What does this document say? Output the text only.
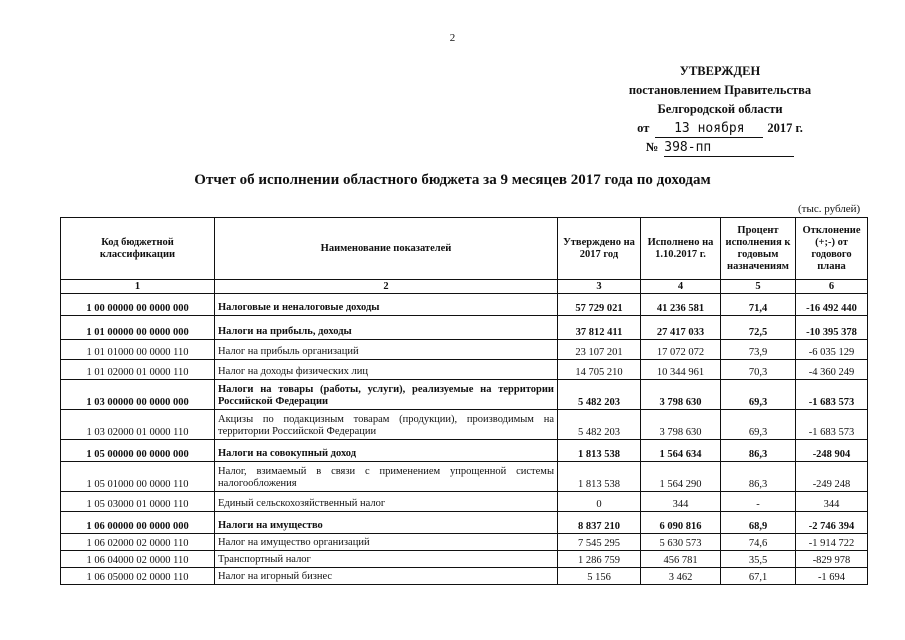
2
УТВЕРЖДЕН
постановлением Правительства
Белгородской области
от	13 ноября	2017 г.
№ 398-пп
Отчет об исполнении областного бюджета за 9 месяцев 2017 года по доходам
(тыс. рублей)
Код бюджетной классификации	Наименование показателей	Утверждено на 2017 год	Исполнено на 1.10.2017 г.	Процент исполнения к годовым назначениям	Отклонение (+;-) от годового плана
1	2	3	4	5	6
1 00 00000 00 0000 000	Налоговые и неналоговые доходы	57 729 021	41 236 581	71,4	-16 492 440
1 01 00000 00 0000 000	Налоги на прибыль, доходы	37 812 411	27 417 033	72,5	-10 395 378
1 01 01000 00 0000 110	Налог на прибыль организаций	23 107 201	17 072 072	73,9	-6 035 129
1 01 02000 01 0000 110	Налог на доходы физических лиц	14 705 210	10 344 961	70,3	-4 360 249
1 03 00000 00 0000 000	Налоги на товары (работы, услуги), реализуемые на территории Российской Федерации	5 482 203	3 798 630	69,3	-1 683 573
1 03 02000 01 0000 110	Акцизы по подакцизным товарам (продукции), производимым на территории Российской Федерации	5 482 203	3 798 630	69,3	-1 683 573
1 05 00000 00 0000 000	Налоги на совокупный доход	1 813 538	1 564 634	86,3	-248 904
1 05 01000 00 0000 110	Налог, взимаемый в связи с применением упрощенной системы налогообложения	1 813 538	1 564 290	86,3	-249 248
1 05 03000 01 0000 110	Единый сельскохозяйственный налог	0	344	-	344
1 06 00000 00 0000 000	Налоги на имущество	8 837 210	6 090 816	68,9	-2 746 394
1 06 02000 02 0000 110	Налог на имущество организаций	7 545 295	5 630 573	74,6	-1 914 722
1 06 04000 02 0000 110	Транспортный налог	1 286 759	456 781	35,5	-829 978
1 06 05000 02 0000 110	Налог на игорный бизнес	5 156	3 462	67,1	-1 694
